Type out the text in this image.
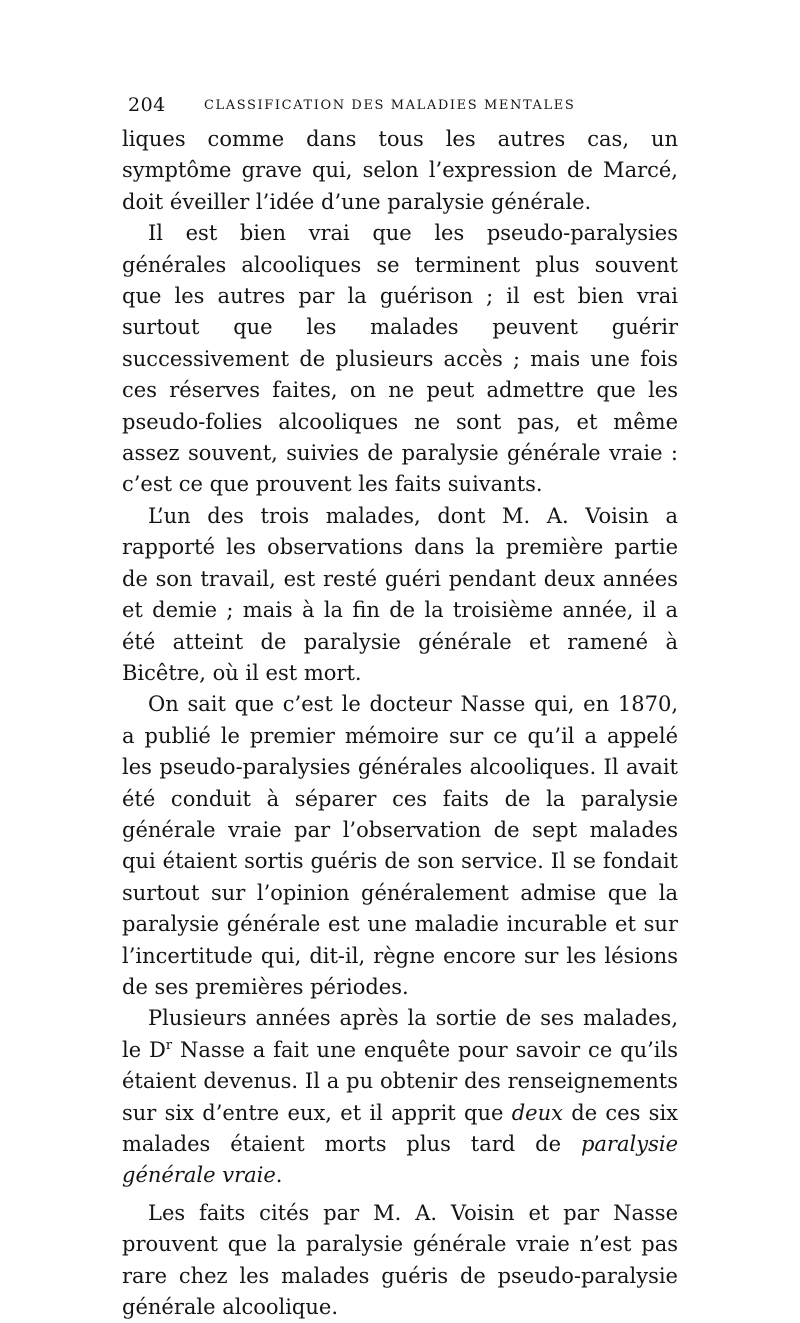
204	CLASSIFICATION DES MALADIES MENTALES

liques comme dans tous les autres cas, un symptôme grave qui, selon l’expression de Marcé, doit éveiller l’idée d’une paralysie générale.

Il est bien vrai que les pseudo-paralysies générales alcooliques se terminent plus souvent que les autres par la guérison ; il est bien vrai surtout que les malades peuvent guérir successivement de plusieurs accès ; mais une fois ces réserves faites, on ne peut admettre que les pseudo-folies alcooliques ne sont pas, et même assez souvent, suivies de paralysie générale vraie : c’est ce que prouvent les faits suivants.

L’un des trois malades, dont M. A. Voisin a rapporté les observations dans la première partie de son travail, est resté guéri pendant deux années et demie ; mais à la fin de la troisième année, il a été atteint de paralysie générale et ramené à Bicêtre, où il est mort.

On sait que c’est le docteur Nasse qui, en 1870, a publié le premier mémoire sur ce qu’il a appelé les pseudo-paralysies générales alcooliques. Il avait été conduit à séparer ces faits de la paralysie générale vraie par l’observation de sept malades qui étaient sortis guéris de son service. Il se fondait surtout sur l’opinion généralement admise que la paralysie générale est une maladie incurable et sur l’incertitude qui, dit-il, règne encore sur les lésions de ses premières périodes.

Plusieurs années après la sortie de ses malades, le $D^r$ Nasse a fait une enquête pour savoir ce qu’ils étaient devenus. Il a pu obtenir des renseignements sur six d’entre eux, et il apprit que deux de ces six malades étaient morts plus tard de paralysie générale vraie.

Les faits cités par M. A. Voisin et par Nasse prouvent que la paralysie générale vraie n’est pas rare chez les malades guéris de pseudo-paralysie générale alcoolique.
